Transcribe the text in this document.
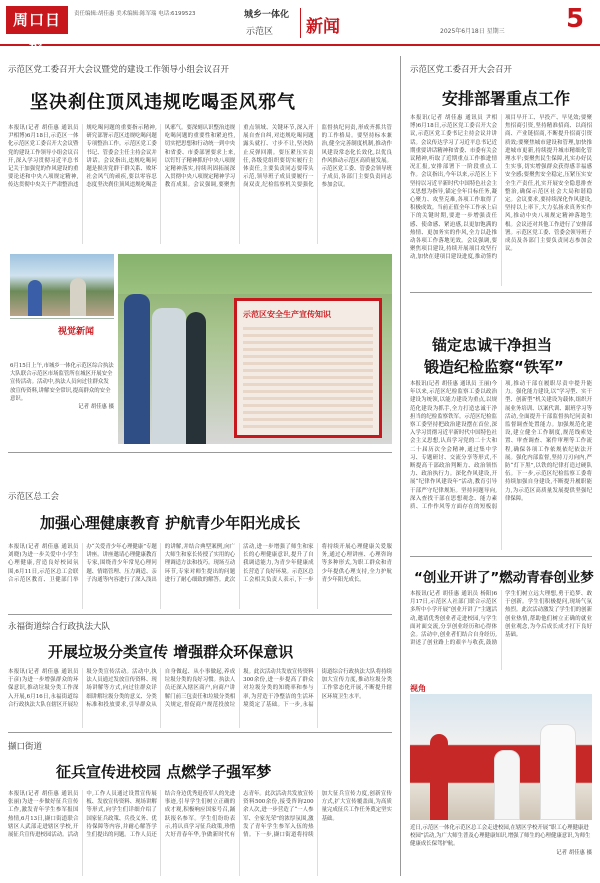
周口日报
责任编辑:胡佳惠 美术编辑:陈军瑞 电话:6199523	城乡一体化
示范区 新闻	2025年6月18日 星期三 5
示范区党工委召开大会议暨党的建设工作领导小组会议召开
坚决刹住顶风违规吃喝歪风邪气
本报讯(记者 胡佳惠 通讯员 尹相博)6月18日,示范区一体化示范区党工委召开大会议暨党的建设工作领导小组会议召开,深入学习贯彻习近平总书记关于加强党的作风建设的重要论述和中央八项规定精神,传达贯彻中央关于严肃整治违规吃喝问题的重要指示精神,研究部署示范区违规吃喝问题专项整治工作。示范区党工委书记、管委会主任主持会议并讲话。会议指出,违规吃喝问题是损害党群干群关系、败坏社会风气的顽疾,要以零容忍态度坚决刹住顶风违规吃喝歪风邪气。要深刻认识整治违规吃喝问题的重要性和紧迫性,切实把思想和行动统一到中央和省委、市委部署要求上来,以钉钉子精神抓好中央八项规定精神落实,持续巩固拓展深入贯彻中央八项规定精神学习教育成果。会议强调,要聚焦重点领域、关键环节,深入开展自查自纠,对违规吃喝问题露头就打、寸步不让,坚决防止反弹回潮。要压紧压实责任,各级党组织要切实履行主体责任,主要负责同志要带头示范,领导班子成员要履行一岗双责,纪检监察机关要强化监督执纪问责,形成齐抓共管的工作格局。要坚持标本兼治,健全完善制度机制,推动作风建设常态化长效化,以优良作风推动示范区高质量发展。示范区党工委、管委会领导班子成员,各部门主要负责同志参加会议。
视觉新闻
6月15日上午,市城乡一体化示范区综合执法大队联合示范区市场监管所在城区开展安全宣传活动。活动中,执法人员向过往群众发放宣传资料,讲解安全常识,提高群众的安全意识。
记者 胡佳惠 摄
示范区安全生产宣传知识
示范区总工会
加强心理健康教育 护航青少年阳光成长
本报讯(记者 胡佳惠 通讯员 刘晓)为进一步关爱中小学生心理健康,营造良好校园氛围,6月11日,示范区总工会联合示范区教育、卫健部门举办“关爱青少年心理健康”专题讲座。讲座邀请心理健康教育专家,围绕青少年常见心理问题、情绪管理、压力调适、亲子沟通等内容进行了深入浅出的讲解,并结合典型案例,向广大师生和家长传授了实用的心理调适方法和技巧。现场互动环节,专家对师生提出的问题进行了耐心细致的解答。此次活动,进一步增强了师生和家长的心理健康意识,提升了自我调适能力,为青少年健康成长营造了良好环境。示范区总工会相关负责人表示,下一步将持续开展心理健康关爱服务,通过心理讲座、心理咨询等多种形式,为职工群众和青少年提供心理支持,全力护航青少年阳光成长。
永福街道综合行政执法大队
开展垃圾分类宣传 增强群众环保意识
本报讯(记者 胡佳惠 通讯员 于彦)为进一步增强群众的环保意识,推动垃圾分类工作深入开展,6月16日,永福街道综合行政执法大队在辖区开展垃圾分类宣传活动。活动中,执法人员通过发放宣传资料、现场讲解等方式,向过往群众详细讲解垃圾分类的意义、分类标准和投放要求,引导群众从自身做起、从小事做起,养成垃圾分类的良好习惯。执法人员还深入辖区商户,向商户讲解门前三包责任和垃圾分类相关规定,督促商户规范投放垃圾。此次活动共发放宣传资料300余份,进一步提高了群众对垃圾分类的知晓率和参与率,为营造干净整洁的生活环境奠定了基础。下一步,永福街道综合行政执法大队将持续加大宣传力度,推动垃圾分类工作常态化开展,不断提升辖区环境卫生水平。
撷口街道
征兵宣传进校园 点燃学子强军梦
本报讯(记者 胡佳惠 通讯员 张丽)为进一步做好征兵宣传工作,激发青年学生参军报国热情,6月13日,撷口街道联合辖区人武部走进辖区学校,开展征兵宣传进校园活动。活动中,工作人员通过设置宣传展板、发放宣传资料、现场讲解等形式,向学生们详细介绍了国家征兵政策、兵役义务、优待保障等内容,并耐心解答学生们提出的问题。工作人员还结合身边优秀退役军人的先进事迹,引导学生们树立正确的成才观,积极响应国家号召,踊跃报名参军。学生们纷纷表示,将认真学习征兵政策,珍惜大好青春年华,争做新时代有志青年。此次活动共发放宣传资料500余份,接受咨询200余人次,进一步营造了“一人参军、全家光荣”的浓厚氛围,激发了青年学生参军入伍的热情。下一步,撷口街道将持续加大征兵宣传力度,创新宣传方式,扩大宣传覆盖面,为高质量完成征兵工作任务奠定坚实基础。
示范区党工委召开大会召开
安排部署重点工作
本报讯(记者 胡佳惠 通讯员 尹相博)6月18日,示范区党工委召开大会议,示范区党工委书记主持会议并讲话。会议传达学习了习近平总书记近期重要讲话精神和省委、市委有关会议精神,听取了近期重点工作推进情况汇报,安排部署下一阶段重点工作。会议指出,今年以来,示范区上下坚持以习近平新时代中国特色社会主义思想为指导,锚定全年目标任务,凝心聚力、攻坚克难,各项工作取得了积极成效。当前正值全年工作承上启下的关键时期,要进一步增强责任感、使命感、紧迫感,以更加饱满的热情、更加务实的作风,全力以赴推动各项工作落地见效。会议强调,要聚焦项目建设,持续开展项目攻坚行动,加快在建项目建设进度,推动签约项目早开工、早投产、早见效;要聚焦招商引资,坚持精准招商、以商招商、产业链招商,不断提升招商引资质效;要聚焦城市建设和管理,加快推进城市更新,持续提升城市精细化管理水平;要聚焦民生保障,扎实办好民生实事,切实增强群众获得感幸福感安全感;要聚焦安全稳定,压紧压实安全生产责任,扎实开展安全隐患排查整治,确保示范区社会大局和谐稳定。会议要求,要持续深化作风建设,坚持以上率下,大力弘扬求真务实作风,推动中央八项规定精神落地生根。会议还对其他工作进行了安排部署。示范区党工委、管委会领导班子成员及各部门主要负责同志参加会议。
锚定忠诚干净担当
锻造纪检监察“铁军”
本报讯(记者 胡佳惠 通讯员 王丽)今年以来,示范区纪检监察工委以政治建设为统领,以能力建设为重点,以规范化建设为抓手,全力打造忠诚干净担当的纪检监察铁军。示范区纪检监察工委坚持把政治建设摆在首位,深入学习贯彻习近平新时代中国特色社会主义思想,认真学习党的二十大和二十届历次全会精神,通过集中学习、专题研讨、交流分享等形式,不断提高干部政治判断力、政治领悟力、政治执行力。深化作风建设,开展“纪律作风建设年”活动,教育引导干部严守纪律规矩。坚持问题导向,深入查找干部在思想观念、能力素质、工作作风等方面存在的短板弱项,推动干部在履职尽责中提升能力。强化能力建设,以“学习型、实干型、创新型”机关建设为载体,组织开展业务培训、以案代训、跟班学习等活动,全面提升干部监督执纪问责和监督调查处置能力。加强规范化建设,建立健全工作制度,规范线索处置、审查调查、案件审理等工作流程,确保各项工作依规依纪依法开展。强化内部监督,坚持刀刃向内,严防“灯下黑”,以铁的纪律打造过硬队伍。下一步,示范区纪检监察工委将持续加强自身建设,不断提升履职能力,为示范区高质量发展提供坚强纪律保障。
“创业开讲了”燃动青春创业梦
本报讯(记者 胡佳惠 通讯员 杨阳)6月17日,示范区人社部门联合示范区多所中小学开展“创业开讲了”主题活动,邀请优秀创业者走进校园,与学生面对面交流,分享创业经历和心得体会。活动中,创业者们结合自身经历,讲述了创业路上的艰辛与收获,鼓励学生们树立远大理想,勇于追梦、敢于创新。学生们积极提问,现场气氛热烈。此次活动激发了学生们的创新创业热情,帮助他们树立正确的就业创业观念,为今后成长成才打下良好基础。
视角
近日,示范区一体化示范区总工会走进校园,在辖区学校开展“职工心理健康进校园”活动,为广大师生普及心理健康知识,增强了师生的心理健康意识,为师生健康成长保驾护航。
记者 胡佳惠 摄
